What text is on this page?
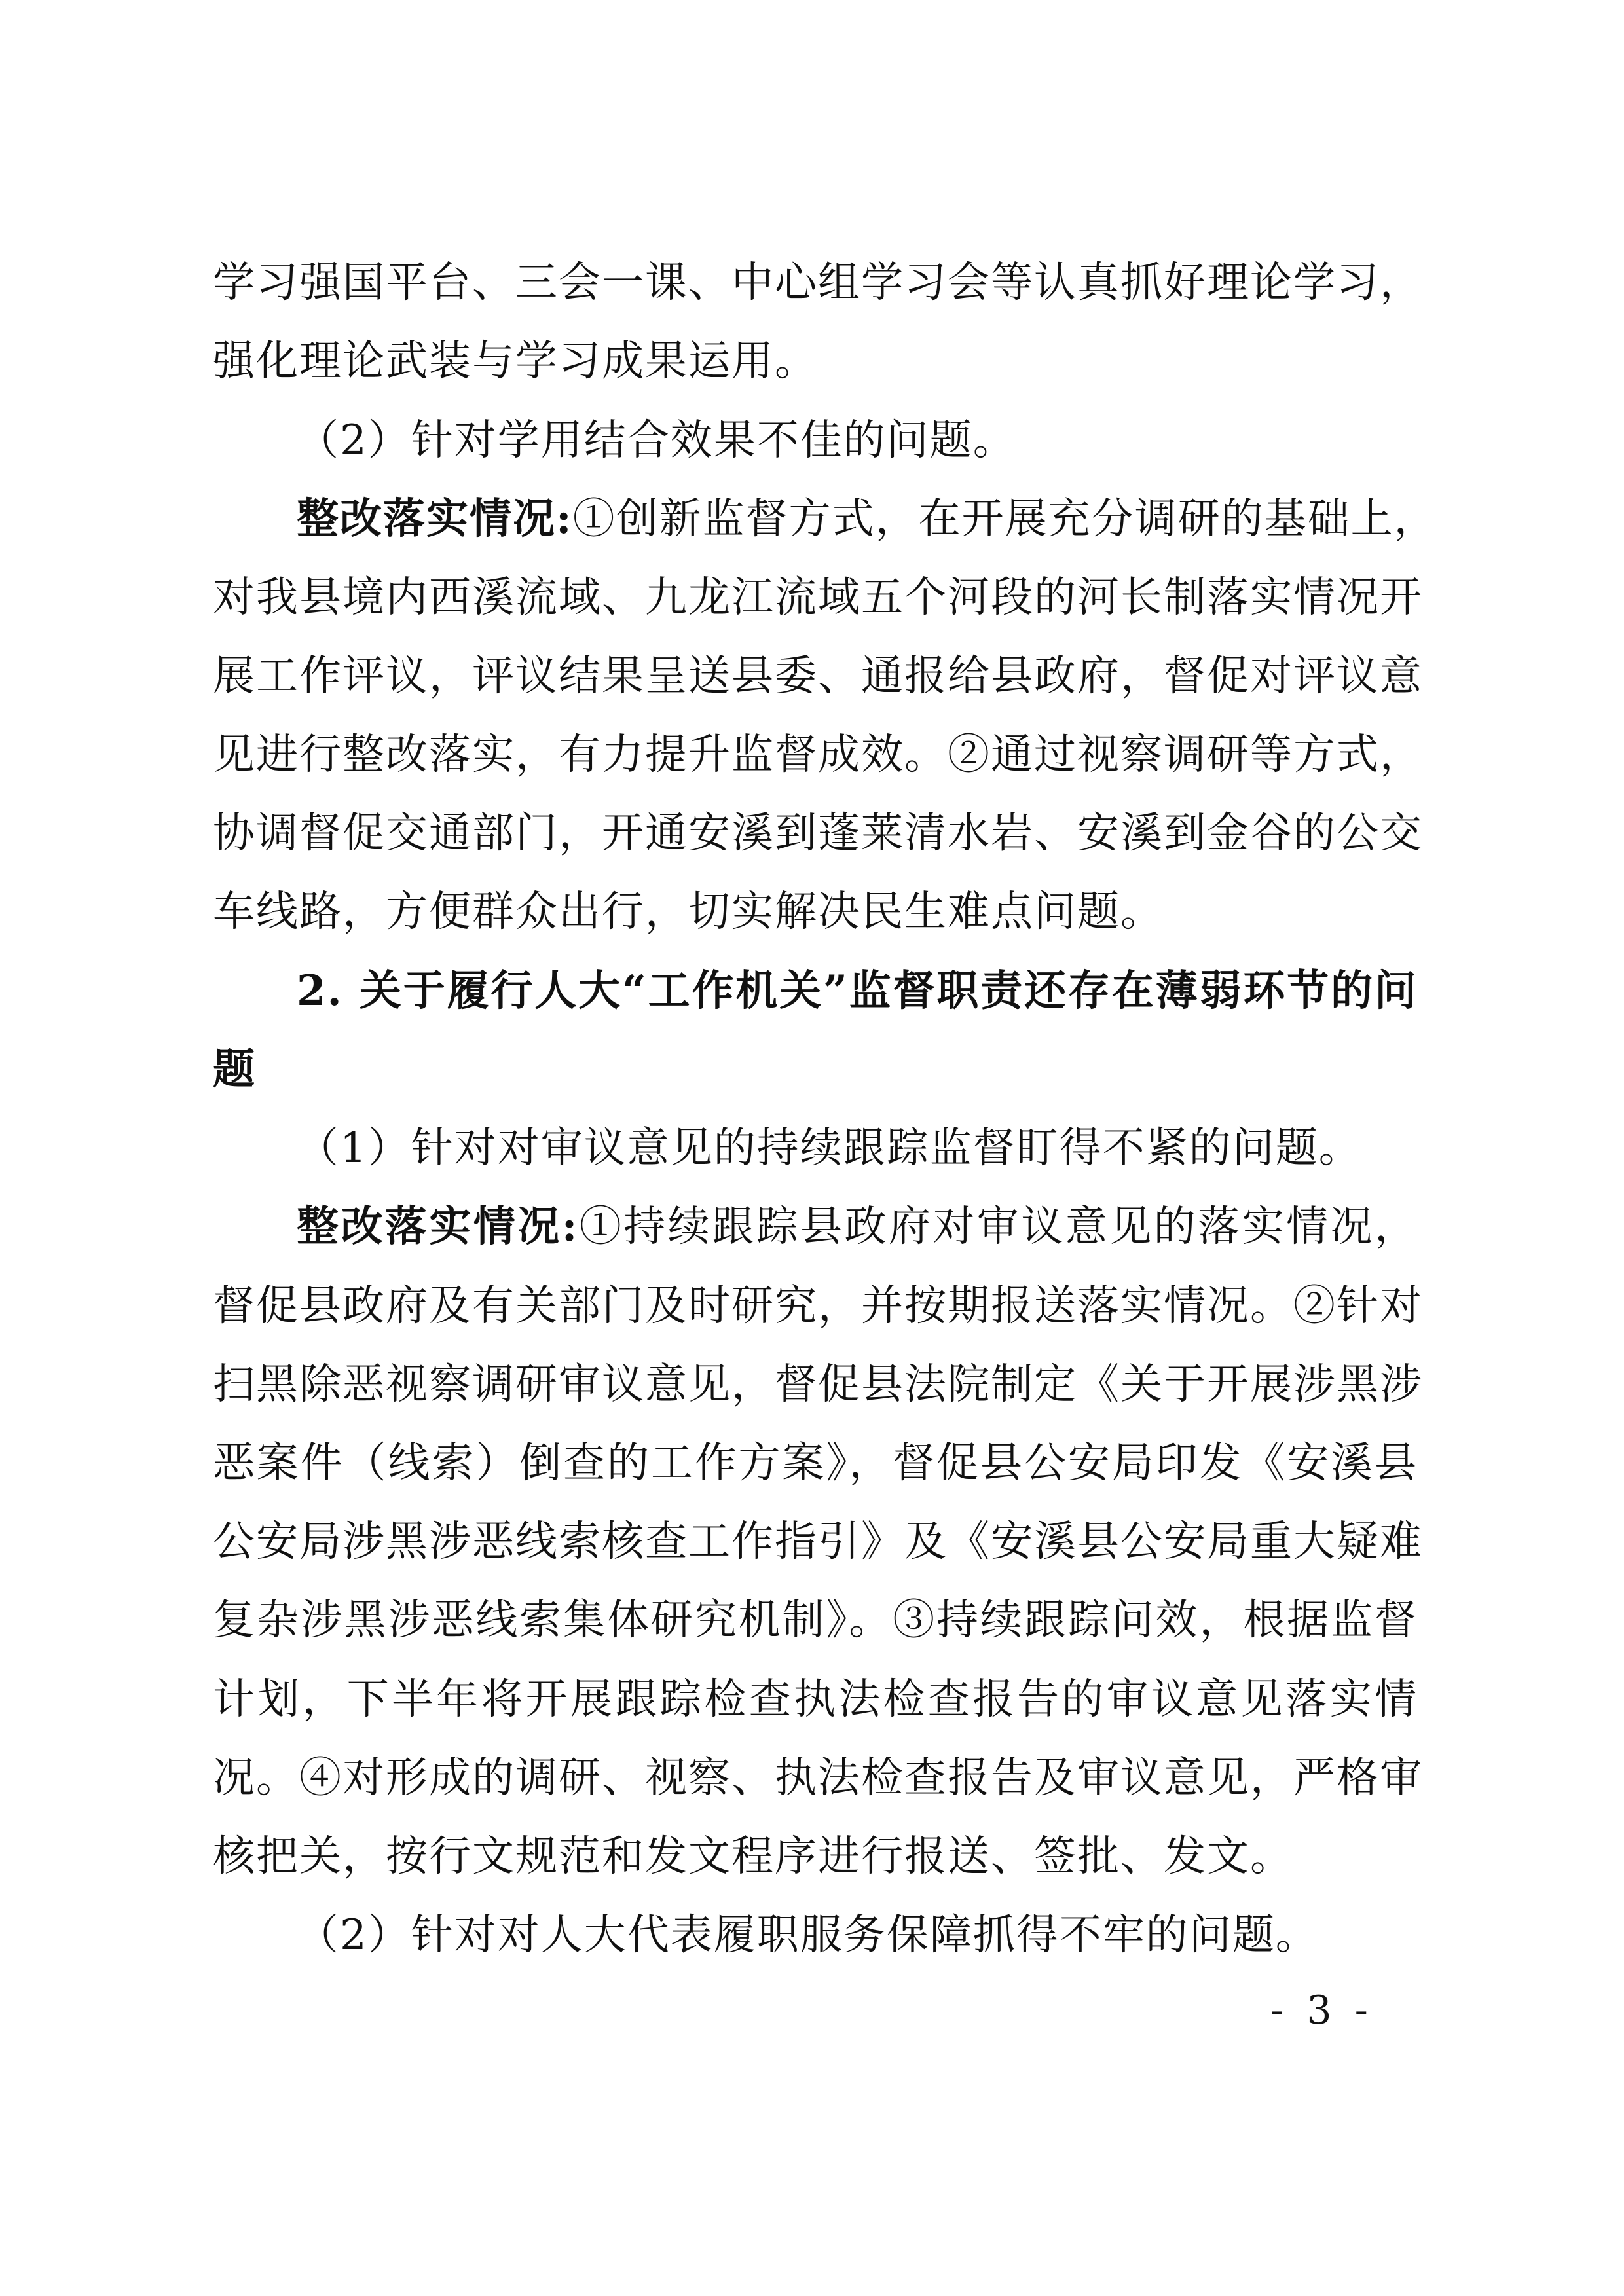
学习强国平台、三会一课、中心组学习会等认真抓好理论学习，
强化理论武装与学习成果运用。
（2）针对学用结合效果不佳的问题。
整改落实情况:①创新监督方式，在开展充分调研的基础上，
对我县境内西溪流域、九龙江流域五个河段的河长制落实情况开
展工作评议，评议结果呈送县委、通报给县政府，督促对评议意
见进行整改落实，有力提升监督成效。②通过视察调研等方式，
协调督促交通部门，开通安溪到蓬莱清水岩、安溪到金谷的公交
车线路，方便群众出行，切实解决民生难点问题。
2. 关于履行人大“工作机关”监督职责还存在薄弱环节的问
题
（1）针对对审议意见的持续跟踪监督盯得不紧的问题。
整改落实情况:①持续跟踪县政府对审议意见的落实情况，
督促县政府及有关部门及时研究，并按期报送落实情况。②针对
扫黑除恶视察调研审议意见，督促县法院制定《关于开展涉黑涉
恶案件（线索）倒查的工作方案》，督促县公安局印发《安溪县
公安局涉黑涉恶线索核查工作指引》及《安溪县公安局重大疑难
复杂涉黑涉恶线索集体研究机制》。③持续跟踪问效，根据监督
计划，下半年将开展跟踪检查执法检查报告的审议意见落实情
况。④对形成的调研、视察、执法检查报告及审议意见，严格审
核把关，按行文规范和发文程序进行报送、签批、发文。
（2）针对对人大代表履职服务保障抓得不牢的问题。
- 3 -
